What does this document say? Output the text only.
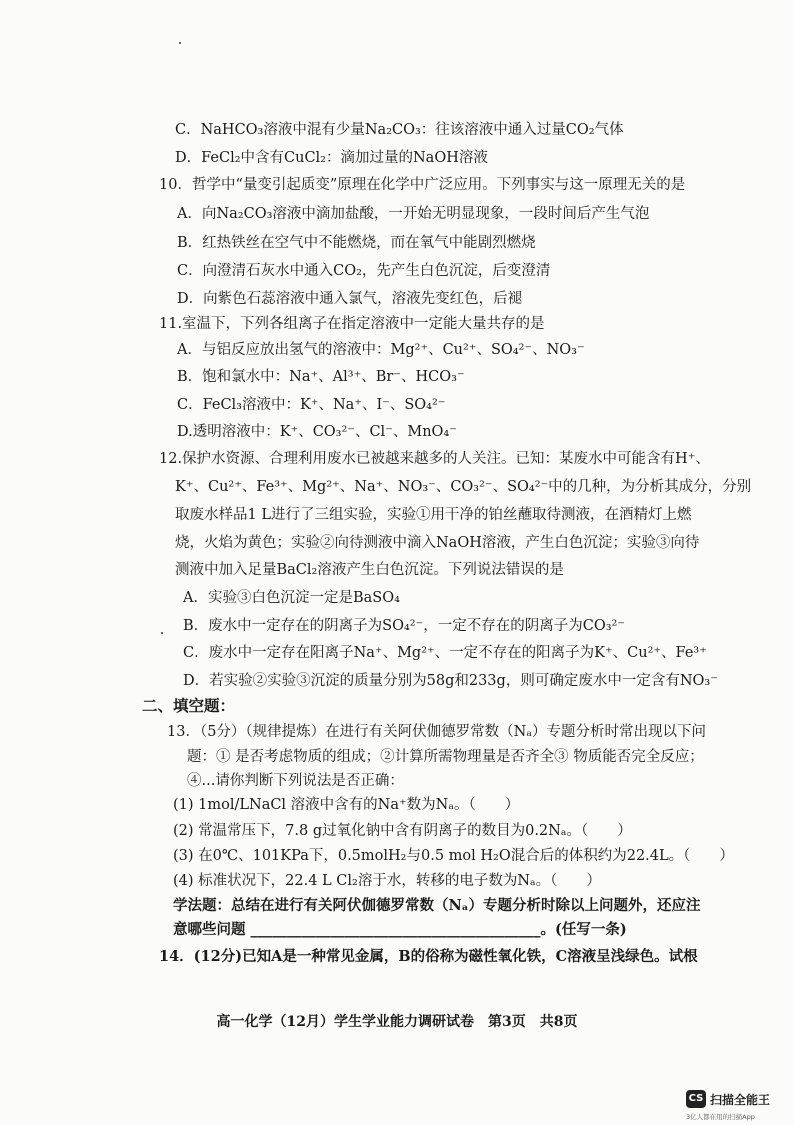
C．NaHCO₃溶液中混有少量Na₂CO₃：往该溶液中通入过量CO₂气体
D．FeCl₂中含有CuCl₂：滴加过量的NaOH溶液
10．哲学中“量变引起质变”原理在化学中广泛应用。下列事实与这一原理无关的是
A．向Na₂CO₃溶液中滴加盐酸，一开始无明显现象，一段时间后产生气泡
B．红热铁丝在空气中不能燃烧，而在氧气中能剧烈燃烧
C．向澄清石灰水中通入CO₂，先产生白色沉淀，后变澄清
D．向紫色石蕊溶液中通入氯气，溶液先变红色，后褪
11.室温下，下列各组离子在指定溶液中一定能大量共存的是
A．与铝反应放出氢气的溶液中：Mg²⁺、Cu²⁺、SO₄²⁻、NO₃⁻
B．饱和氯水中：Na⁺、Al³⁺、Br⁻、HCO₃⁻
C．FeCl₃溶液中：K⁺、Na⁺、I⁻、SO₄²⁻
D.透明溶液中：K⁺、CO₃²⁻、Cl⁻、MnO₄⁻
12.保护水资源、合理利用废水已被越来越多的人关注。已知：某废水中可能含有H⁺、
K⁺、Cu²⁺、Fe³⁺、Mg²⁺、Na⁺、NO₃⁻、CO₃²⁻、SO₄²⁻中的几种，为分析其成分，分别
取废水样品1 L进行了三组实验，实验①用干净的铂丝蘸取待测液，在酒精灯上燃
烧，火焰为黄色；实验②向待测液中滴入NaOH溶液，产生白色沉淀；实验③向待
测液中加入足量BaCl₂溶液产生白色沉淀。下列说法错误的是
A．实验③白色沉淀一定是BaSO₄
B．废水中一定存在的阴离子为SO₄²⁻，一定不存在的阴离子为CO₃²⁻
C．废水中一定存在阳离子Na⁺、Mg²⁺、一定不存在的阳离子为K⁺、Cu²⁺、Fe³⁺
D．若实验②实验③沉淀的质量分别为58g和233g，则可确定废水中一定含有NO₃⁻
二、填空题：
13．（5分）（规律提炼）在进行有关阿伏伽德罗常数（Nₐ）专题分析时常出现以下问
题：① 是否考虑物质的组成；②计算所需物理量是否齐全③ 物质能否完全反应；
④...请你判断下列说法是否正确：
(1) 1mol/LNaCl 溶液中含有的Na⁺数为Nₐ。（　　）
(2) 常温常压下，7.8 g过氧化钠中含有阴离子的数目为0.2Nₐ。（　　）
(3) 在0℃、101KPa下，0.5molH₂与0.5 mol H₂O混合后的体积约为22.4L。（　　）
(4) 标准状况下，22.4 L Cl₂溶于水，转移的电子数为Nₐ。（　　）
学法题：总结在进行有关阿伏伽德罗常数（Nₐ）专题分析时除以上问题外，还应注
意哪些问题 ________________________________________。(任写一条)
14．(12分)已知A是一种常见金属，B的俗称为磁性氧化铁，C溶液呈浅绿色。试根
高一化学（12月）学生学业能力调研试卷　第3页　共8页
CS 扫描全能王
3亿人都在用的扫描App
